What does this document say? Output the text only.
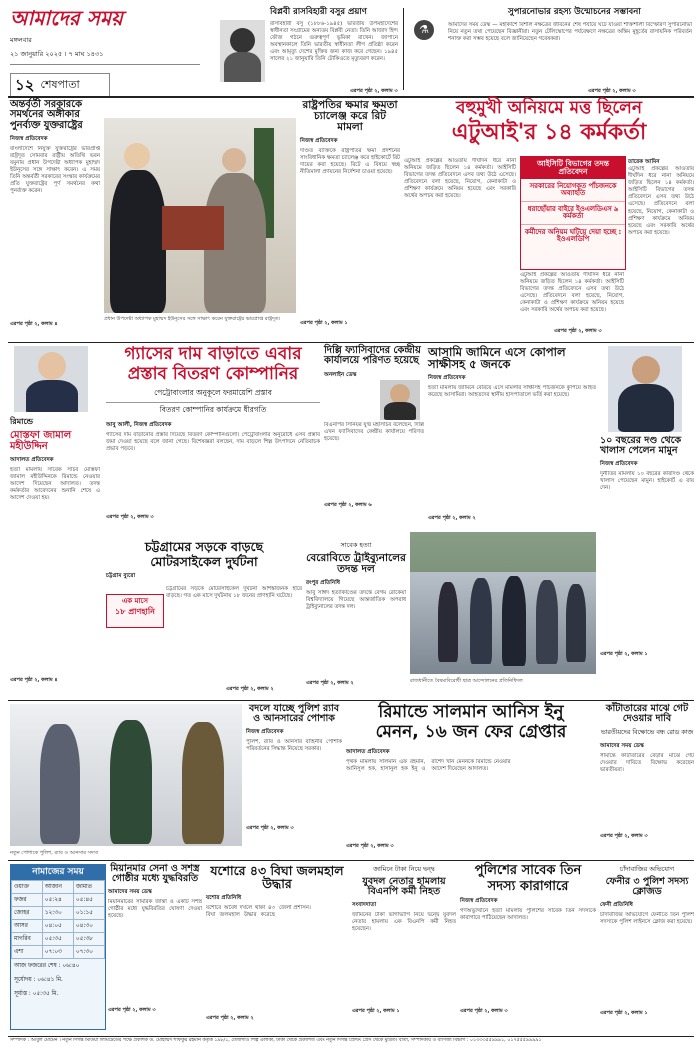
আমাদের সময়
মঙ্গলবার
২১ জানুয়ারি ২০২৫ । ৭ মাঘ ১৪৩১
১২ শেষপাতা
বিপ্লবী রাসবিহারী বসুর প্রয়াণ
রাসবিহারী বসু (১৮৮৬-১৯৪৫) ভারতীয় উপমহাদেশের স্বাধীনতা সংগ্রামের অন্যতম বিপ্লবী নেতা। তিনি আজাদ হিন্দ ফৌজ গঠনে গুরুত্বপূর্ণ ভূমিকা রাখেন। জাপানে অবস্থানকালে তিনি ভারতীয় স্বাধীনতা লীগ প্রতিষ্ঠা করেন এবং আমৃত্যু দেশের মুক্তির জন্য কাজ করে গেছেন। ১৯৪৫ সালের ২১ জানুয়ারি তিনি টোকিওতে মৃত্যুবরণ করেন।
এরপর পৃষ্ঠা ২, কলাম ৩
⚗
সুপারনোভার রহস্য উন্মোচনের সম্ভাবনা
আমাদের সময় ডেস্ক — মহাকাশে বিশাল নক্ষত্রের জীবনের শেষ পর্যায়ে ঘটে যাওয়া শক্তিশালী বিস্ফোরণ সুপারনোভা নিয়ে নতুন তথ্য পেয়েছেন বিজ্ঞানীরা। নতুন টেলিস্কোপের পর্যবেক্ষণে নক্ষত্রের অন্তিম মুহূর্তের রাসায়নিক পরিবর্তন শনাক্ত করা সম্ভব হয়েছে বলে জানিয়েছেন গবেষকরা।
এরপর পৃষ্ঠা ২, কলাম ৩
অন্তর্বর্তী সরকারকে সমর্থনের অঙ্গীকার পুনর্ব্যক্ত যুক্তরাষ্ট্রের
নিজস্ব প্রতিবেদক
বাংলাদেশে নিযুক্ত যুক্তরাষ্ট্রের ভারপ্রাপ্ত রাষ্ট্রদূত সোমবার রাষ্ট্রীয় অতিথি ভবন যমুনায় প্রধান উপদেষ্টা অধ্যাপক মুহাম্মদ ইউনূসের সঙ্গে সাক্ষাৎ করেন। এ সময় তিনি অন্তর্বর্তী সরকারের সংস্কার কার্যক্রমের প্রতি যুক্তরাষ্ট্রের পূর্ণ সমর্থনের কথা পুনর্ব্যক্ত করেন।
এরপর পৃষ্ঠা ২, কলাম ৪
প্রধান উপদেষ্টা অধ্যাপক মুহাম্মদ ইউনূসের সঙ্গে সাক্ষাৎ করেন যুক্তরাষ্ট্রের ভারপ্রাপ্ত রাষ্ট্রদূত।
রাষ্ট্রপতির ক্ষমার ক্ষমতা চ্যালেঞ্জ করে রিট মামলা
নিজস্ব প্রতিবেদক
দণ্ডিত ব্যক্তিকে রাষ্ট্রপতির ক্ষমা প্রদর্শনের সাংবিধানিক ক্ষমতা চ্যালেঞ্জ করে হাইকোর্টে রিট দায়ের করা হয়েছে। রিটে এ বিষয়ে স্বচ্ছ নীতিমালা প্রণয়নের নির্দেশনা চাওয়া হয়েছে।
এরপর পৃষ্ঠা ২, কলাম ১
বহুমুখী অনিয়মে মত্ত ছিলেন
এটুআই'র ১৪ কর্মকর্তা
আইসিটি বিভাগের তদন্ত প্রতিবেদন
সরকারের নিয়োগকৃত পাঁচজনকে অব্যাহতি
ধরাছোঁয়ার বাইরে ইওএলডিএস ৯ কর্মকর্তা
কর্মীদের অনিয়ম ঘটিয়ে দেয়া হচ্ছে : ইওএলডিপি
এটুআই প্রকল্পের আওতায় দীর্ঘদিন ধরে নানা অনিয়মে জড়িত ছিলেন ১৪ কর্মকর্তা। আইসিটি বিভাগের তদন্ত প্রতিবেদনে এসব তথ্য উঠে এসেছে। প্রতিবেদনে বলা হয়েছে, নিয়োগ, কেনাকাটা ও প্রশিক্ষণ কার্যক্রমে অনিয়ম হয়েছে এবং সরকারি অর্থের অপচয় করা হয়েছে।
তারেক আমিন
এটুআই প্রকল্পের আওতায় দীর্ঘদিন ধরে নানা অনিয়মে জড়িত ছিলেন ১৪ কর্মকর্তা। আইসিটি বিভাগের তদন্ত প্রতিবেদনে এসব তথ্য উঠে এসেছে। প্রতিবেদনে বলা হয়েছে, নিয়োগ, কেনাকাটা ও প্রশিক্ষণ কার্যক্রমে অনিয়ম হয়েছে এবং সরকারি অর্থের অপচয় করা হয়েছে।
এটুআই প্রকল্পের আওতায় দীর্ঘদিন ধরে নানা অনিয়মে জড়িত ছিলেন ১৪ কর্মকর্তা। আইসিটি বিভাগের তদন্ত প্রতিবেদনে এসব তথ্য উঠে এসেছে। প্রতিবেদনে বলা হয়েছে, নিয়োগ, কেনাকাটা ও প্রশিক্ষণ কার্যক্রমে অনিয়ম হয়েছে এবং সরকারি অর্থের অপচয় করা হয়েছে।
এরপর পৃষ্ঠা ২, কলাম ৩
রিমান্ডে
মোস্তফা জামাল মহীউদ্দিন
আদালত প্রতিবেদক
হত্যা মামলায় সাবেক সচিব মোস্তফা জামাল মহীউদ্দিনকে রিমান্ডে নেওয়ার আদেশ দিয়েছেন আদালত। তদন্ত কর্মকর্তার আবেদনের শুনানি শেষে এ আদেশ দেওয়া হয়।
এরপর পৃষ্ঠা ২, কলাম ৪
গ্যাসের দাম বাড়াতে এবার
প্রস্তাব বিতরণ কোম্পানির
পেট্রোবাংলার অনুকূলে ফরমায়েশি প্রস্তাব
বিতরণ কোম্পানির কার্যক্রমে ধীরগতি
আবু আলী, নিজস্ব প্রতিবেদক
গ্যাসের দাম বাড়ানোর প্রস্তাব দিয়েছে বিতরণ কোম্পানিগুলো। পেট্রোবাংলার অনুরোধে এসব প্রস্তাব জমা দেওয়া হয়েছে বলে জানা গেছে। বিশেষজ্ঞরা বলছেন, দাম বাড়লে শিল্প উৎপাদনে নেতিবাচক প্রভাব পড়বে।
এরপর পৃষ্ঠা ২, কলাম ৩
দিল্লি ফ্যাসিবাদের কেন্দ্রীয় কার্যালয়ে পরিণত হয়েছে
অনলাইন ডেস্ক
বিএনপির সিনিয়র যুগ্ম মহাসচিব বলেছেন, দিল্লি এখন ফ্যাসিবাদের কেন্দ্রীয় কার্যালয়ে পরিণত হয়েছে।
এরপর পৃষ্ঠা ২, কলাম ৬
আসামি জামিনে এসে কোপাল সাক্ষীসহ ৫ জনকে
নিজস্ব প্রতিবেদক
হত্যা মামলায় জামিনে বেরিয়ে এসে মামলার সাক্ষীসহ পাঁচজনকে কুপিয়ে আহত করেছে আসামিরা। আহতদের স্থানীয় হাসপাতালে ভর্তি করা হয়েছে।
এরপর পৃষ্ঠা ২, কলাম ২
১০ বছরের দণ্ড থেকে খালাস পেলেন মামুন
নিজস্ব প্রতিবেদক
দুর্নীতির মামলায় ১০ বছরের কারাদণ্ড থেকে খালাস পেয়েছেন মামুন। হাইকোর্ট এ রায় দেন।
এরপর পৃষ্ঠা ২, কলাম ১
চট্টগ্রামের সড়কে বাড়ছে
মোটরসাইকেল দুর্ঘটনা
চট্টগ্রাম ব্যুরো
এক মাসে
১৮ প্রাণহানি
চট্টগ্রামের সড়কে মোটরসাইকেল দুর্ঘটনা আশঙ্কাজনক হারে বাড়ছে। গত এক মাসে দুর্ঘটনায় ১৮ জনের প্রাণহানি ঘটেছে।
এরপর পৃষ্ঠা ২, কলাম ২
সাবেক হত্যা
বেরোবিতে ট্রাইব্যুনালের তদন্ত দল
রংপুর প্রতিনিধি
আবু সাঈদ হত্যাকাণ্ডের তদন্তে বেগম রোকেয়া বিশ্ববিদ্যালয়ে গিয়েছে আন্তর্জাতিক অপরাধ ট্রাইব্যুনালের তদন্ত দল।
এরপর পৃষ্ঠা ২, কলাম ২	রাজধানীতে বৈষম্যবিরোধী ছাত্র আন্দোলনের প্রতিনিধিদল
নতুন পোশাকে পুলিশ, র‌্যাব ও আনসার সদস্য
বদলে যাচ্ছে পুলিশ র‌্যাব ও আনসারের পোশাক
নিজস্ব প্রতিবেদক
পুলিশ, র‌্যাব ও আনসার বাহিনীর পোশাক পরিবর্তনের সিদ্ধান্ত নিয়েছে সরকার।
এরপর পৃষ্ঠা ২, কলাম ৩
রিমান্ডে সালমান আনিস ইনু
মেনন, ১৬ জন ফের গ্রেপ্তার
আদালত প্রতিবেদক
পৃথক মামলায় সালমান এফ রহমান, আনিসুল হক, হাসানুল হক ইনু ও রাশেদ খান মেননকে রিমান্ডে নেওয়ার আদেশ দিয়েছেন আদালত।
এরপর পৃষ্ঠা ২, কলাম ৩
কাঁটাতারের মাঝে গেট দেওয়ার দাবি
ভারতীয়দের বিক্ষোভে বন্ধ রোড কাজ
আমাদের সময় ডেস্ক
সীমান্তে কাঁটাতারের বেড়ার মাঝে গেট দেওয়ার দাবিতে বিক্ষোভ করেছেন ভারতীয়রা।
এরপর পৃষ্ঠা ২, কলাম ৩
নামাজের সময়
ওয়াক্ত	আজান	জামাত
ফজর	০৫:২৪	০৫:৪৫
জোহর	১২:৩০	০১:১৫
আসর	০৪:০৫	০৪:৩০
মাগরিব	০৫:৩৫	০৫:৩৮
এশা	০৭:০৩	০৭:৩০
আজ ফজরের শেষ : ০৬:৪০
সূর্যোদয় : ০৬:৪১ মি.
সূর্যাস্ত : ০৫:৩৫ মি.
মিয়ানমার সেনা ও সশস্ত্র গোষ্ঠীর মধ্যে যুদ্ধবিরতি
আমাদের সময় ডেস্ক
মিয়ানমারের সামরিক জান্তা ও একটি সশস্ত্র গোষ্ঠীর মধ্যে যুদ্ধবিরতির ঘোষণা দেওয়া হয়েছে।
এরপর পৃষ্ঠা ২, কলাম ৩
যশোরে ৪৩ বিঘা জলমহাল উদ্ধার
যশোর প্রতিনিধি
যশোরে অবৈধ দখলে থাকা ৪৩ বিঘা জলমহাল উদ্ধার করেছে জেলা প্রশাসন।
এরপর পৃষ্ঠা ২, কলাম ২
জামিনে টাকা নিয়ে দ্বন্দ্ব
যুবদল নেতার হামলায় বিএনপি কর্মী নিহত
সংবাদদাতা
জামিনের টাকা ভাগাভাগি নিয়ে দ্বন্দ্বে যুবদল নেতার হামলায় এক বিএনপি কর্মী নিহত হয়েছেন।
এরপর পৃষ্ঠা ২, কলাম ১
পুলিশের সাবেক তিন
সদস্য কারাগারে
নিজস্ব প্রতিবেদক
গণঅভ্যুত্থানে হত্যা মামলায় পুলিশের সাবেক তিন সদস্যকে কারাগারে পাঠিয়েছেন আদালত।
এরপর পৃষ্ঠা ২, কলাম ৩
চাঁদাবাজির অভিযোগ
ফেনীর ৩ পুলিশ সদস্য ক্লোজড
ফেনী প্রতিনিধি
চাঁদাবাজির অভিযোগে ফেনীতে তিন পুলিশ সদস্যকে পুলিশ লাইনসে ক্লোজ করা হয়েছে।
এরপর পৃষ্ঠা ২, কলাম ১
সম্পাদক : আবুল মোমেন । নতুন দিগন্ত মিডিয়া লিমিটেডের পক্ষে প্রকাশক ড. মোহাম্মদ শফিকুর রহমান কর্তৃক ১৯৮/১, তেজগাঁও শিল্প এলাকা, ঢাকা থেকে প্রকাশিত এবং নতুন দিগন্ত প্রিন্টিং প্রেস থেকে মুদ্রিত। বার্তা, সম্পাদকীয় ও বাণিজ্য বিভাগ : ০১৩৩৩৫৫৯৯৯১, ০১৭৫৫৫৯৯৯৯১
